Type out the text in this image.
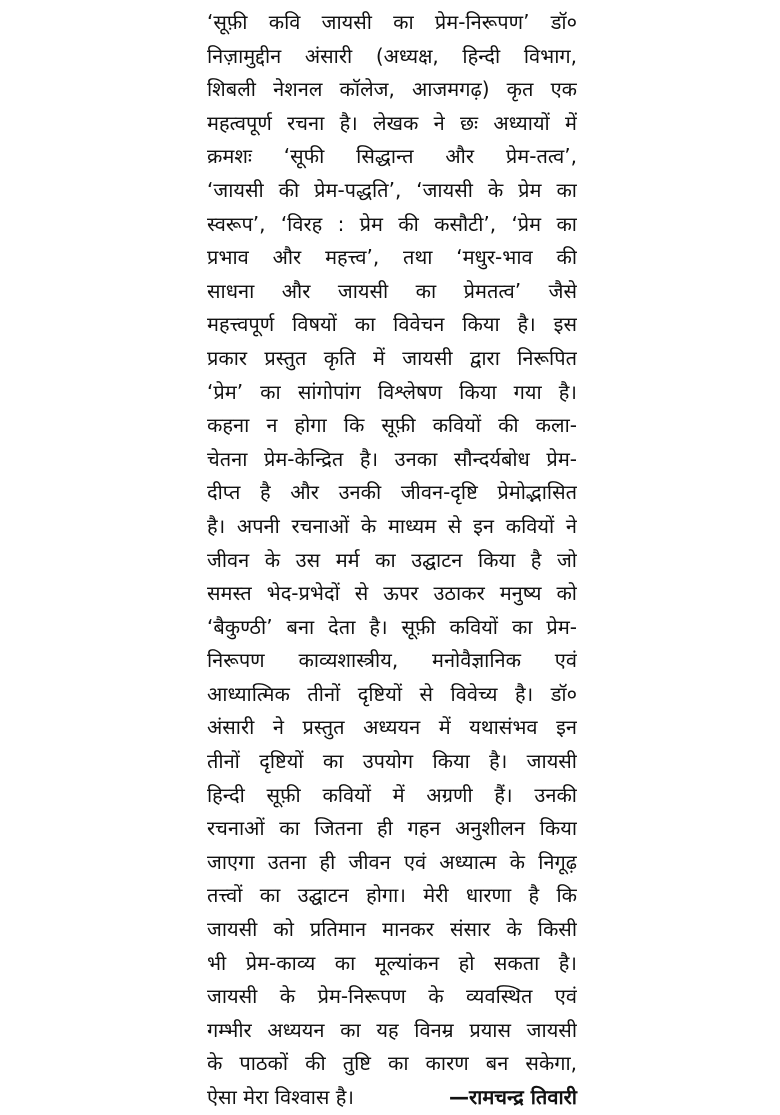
‘सूफ़ी कवि जायसी का प्रेम-निरूपण’ डॉ०
निज़ामुद्दीन अंसारी (अध्यक्ष, हिन्दी विभाग,
शिबली नेशनल कॉलेज, आजमगढ़) कृत एक
महत्वपूर्ण रचना है। लेखक ने छः अध्यायों में
क्रमशः ‘सूफी सिद्धान्त और प्रेम-तत्व’,
‘जायसी की प्रेम-पद्धति’, ‘जायसी के प्रेम का
स्वरूप’, ‘विरह : प्रेम की कसौटी’, ‘प्रेम का
प्रभाव और महत्त्व’, तथा ‘मधुर-भाव की
साधना और जायसी का प्रेमतत्व’ जैसे
महत्त्वपूर्ण विषयों का विवेचन किया है। इस
प्रकार प्रस्तुत कृति में जायसी द्वारा निरूपित
‘प्रेम’ का सांगोपांग विश्लेषण किया गया है।
कहना न होगा कि सूफ़ी कवियों की कला-
चेतना प्रेम-केन्द्रित है। उनका सौन्दर्यबोध प्रेम-
दीप्त है और उनकी जीवन-दृष्टि प्रेमोद्भासित
है। अपनी रचनाओं के माध्यम से इन कवियों ने
जीवन के उस मर्म का उद्घाटन किया है जो
समस्त भेद-प्रभेदों से ऊपर उठाकर मनुष्य को
‘बैकुण्ठी’ बना देता है। सूफ़ी कवियों का प्रेम-
निरूपण काव्यशास्त्रीय, मनोवैज्ञानिक एवं
आध्यात्मिक तीनों दृष्टियों से विवेच्य है। डॉ०
अंसारी ने प्रस्तुत अध्ययन में यथासंभव इन
तीनों दृष्टियों का उपयोग किया है। जायसी
हिन्दी सूफ़ी कवियों में अग्रणी हैं। उनकी
रचनाओं का जितना ही गहन अनुशीलन किया
जाएगा उतना ही जीवन एवं अध्यात्म के निगूढ़
तत्त्वों का उद्घाटन होगा। मेरी धारणा है कि
जायसी को प्रतिमान मानकर संसार के किसी
भी प्रेम-काव्य का मूल्यांकन हो सकता है।
जायसी के प्रेम-निरूपण के व्यवस्थित एवं
गम्भीर अध्ययन का यह विनम्र प्रयास जायसी
के पाठकों की तुष्टि का कारण बन सकेगा,
ऐसा मेरा विश्वास है।	—रामचन्द्र तिवारी
